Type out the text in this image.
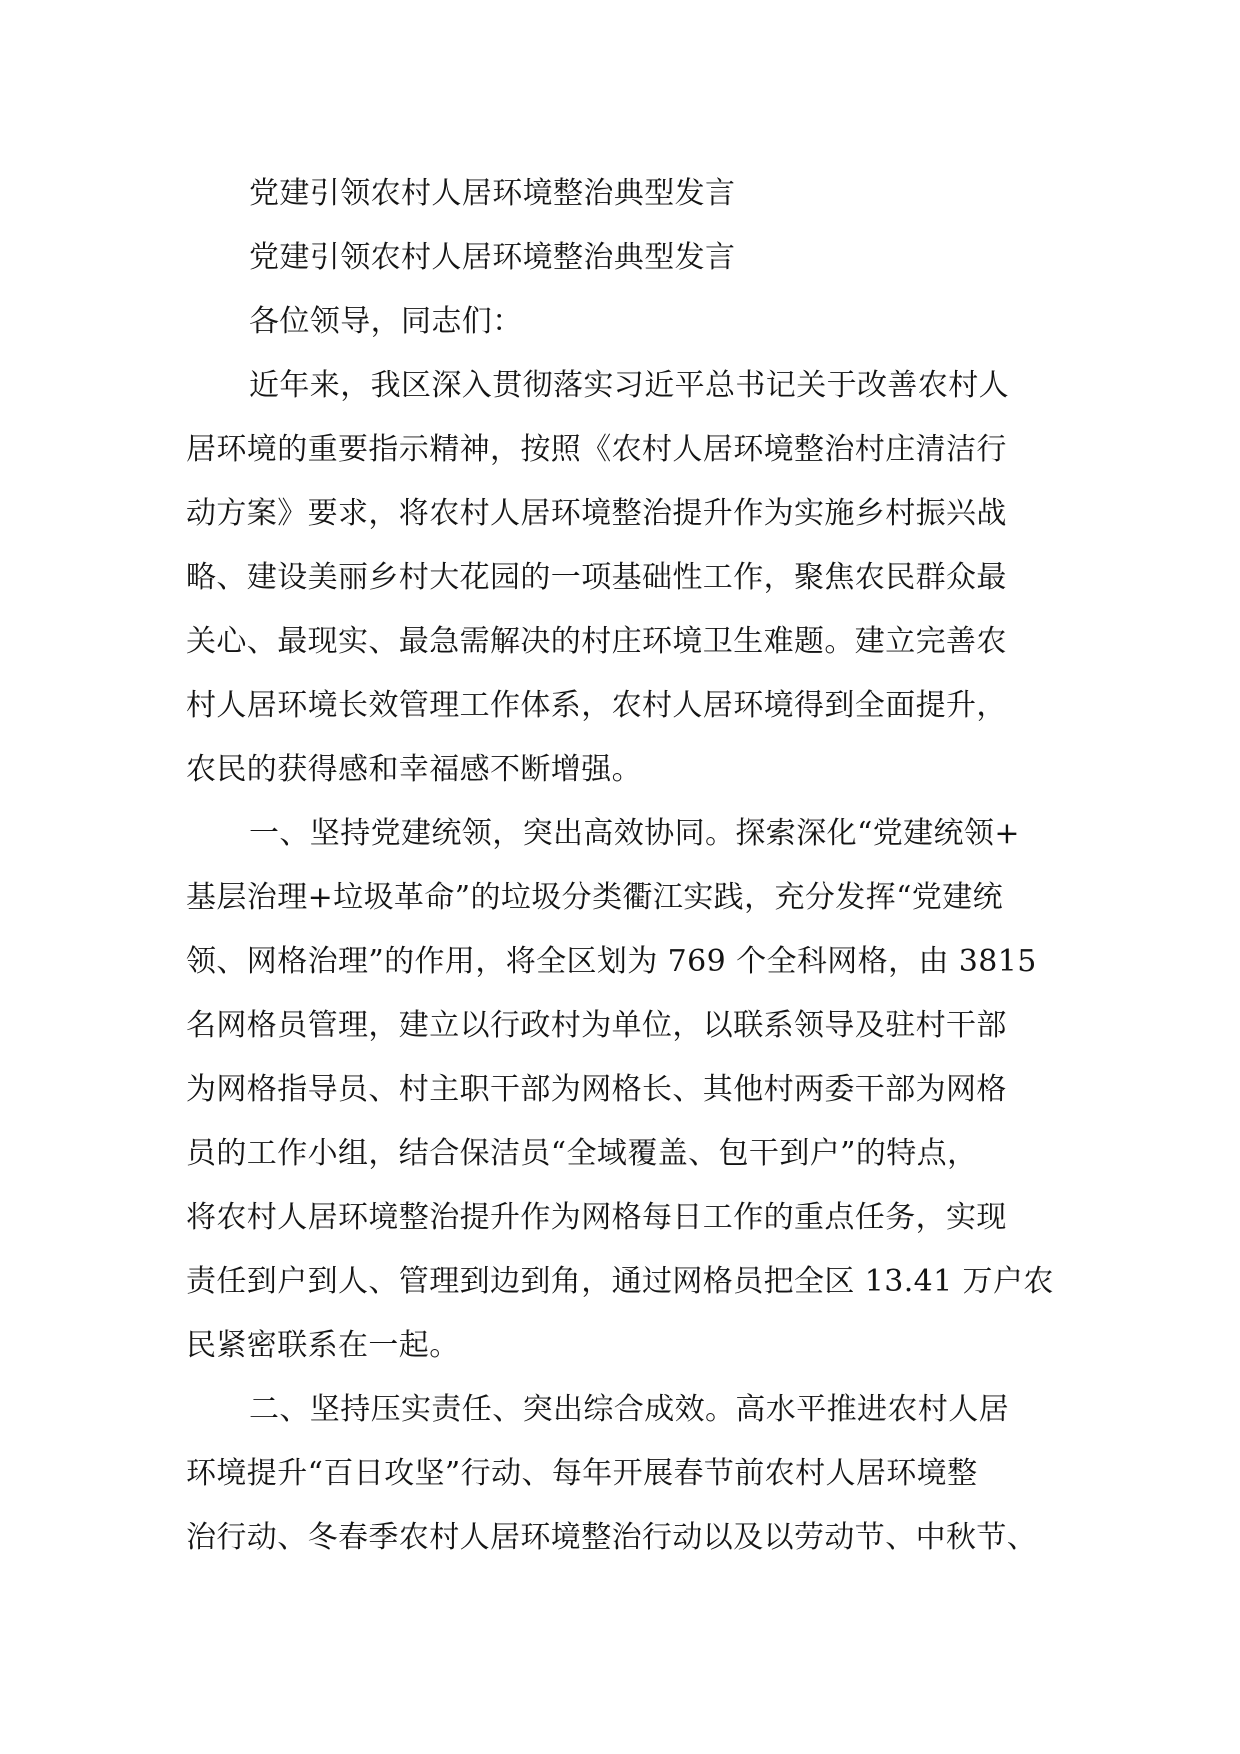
党建引领农村人居环境整治典型发言
党建引领农村人居环境整治典型发言
各位领导，同志们：
近年来，我区深入贯彻落实习近平总书记关于改善农村人
居环境的重要指示精神，按照《农村人居环境整治村庄清洁行
动方案》要求，将农村人居环境整治提升作为实施乡村振兴战
略、建设美丽乡村大花园的一项基础性工作，聚焦农民群众最
关心、最现实、最急需解决的村庄环境卫生难题。建立完善农
村人居环境长效管理工作体系，农村人居环境得到全面提升，
农民的获得感和幸福感不断增强。
一、坚持党建统领，突出高效协同。探索深化“党建统领+
基层治理+垃圾革命”的垃圾分类衢江实践，充分发挥“党建统
领、网格治理”的作用，将全区划为 769 个全科网格，由 3815
名网格员管理，建立以行政村为单位，以联系领导及驻村干部
为网格指导员、村主职干部为网格长、其他村两委干部为网格
员的工作小组，结合保洁员“全域覆盖、包干到户”的特点，
将农村人居环境整治提升作为网格每日工作的重点任务，实现
责任到户到人、管理到边到角，通过网格员把全区 13.41 万户农
民紧密联系在一起。
二、坚持压实责任、突出综合成效。高水平推进农村人居
环境提升“百日攻坚”行动、每年开展春节前农村人居环境整
治行动、冬春季农村人居环境整治行动以及以劳动节、中秋节、
